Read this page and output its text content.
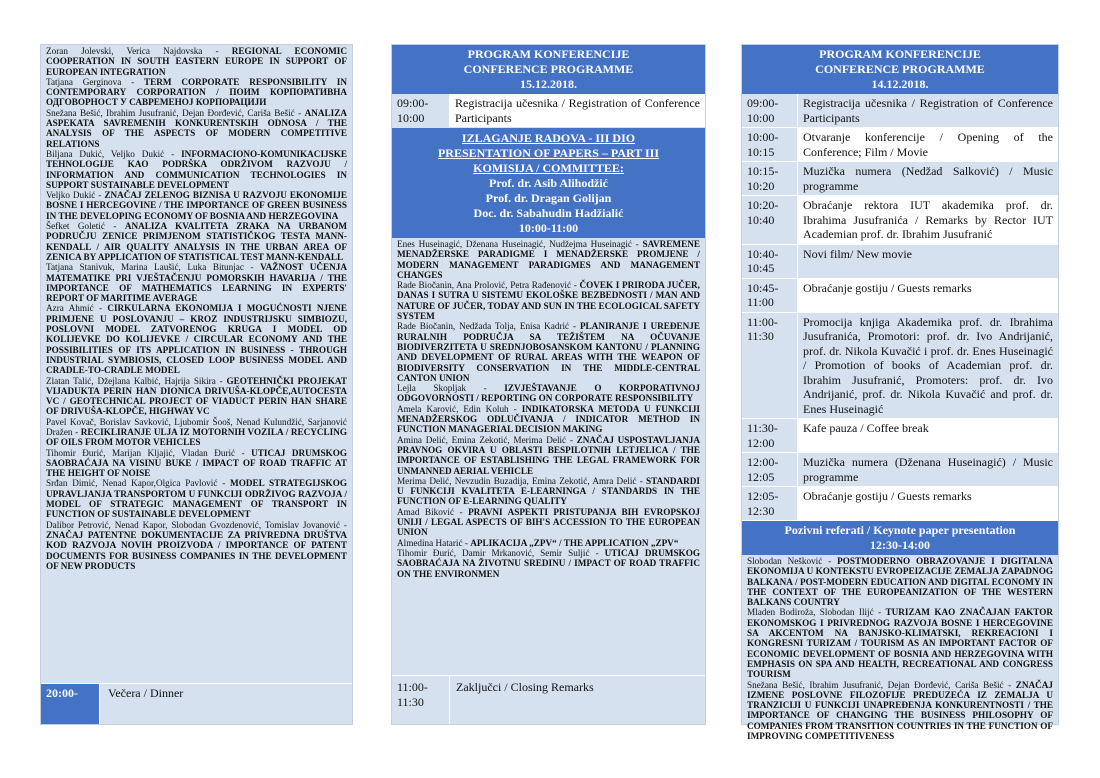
Zoran Jolevski, Verica Najdovska - REGIONAL ECONOMIC COOPERATION IN SOUTH EASTERN EUROPE IN SUPPORT OF EUROPEAN INTEGRATION
Tatjana Gerginova - TERM CORPORATE RESPONSIBILITY IN CONTEMPORARY CORPORATION / ПОИМ КОРПОРАТИВНА ОДГОВОРНОСТ У САВРЕМЕНОЈ КОРПОРАЦИЈИ
Snežana Bešić, Ibrahim Jusufranić, Dejan Đorđević, Cariša Bešić - ANALIZA ASPEKATA SAVREMENIH KONKURENTSKIH ODNOSA / THE ANALYSIS OF THE ASPECTS OF MODERN COMPETITIVE RELATIONS
Biljana Dukić, Veljko Dukić - INFORMACIONO-KOMUNIKACIJSKE TEHNOLOGIJE KAO PODRŠKA ODRŽIVOM RAZVOJU / INFORMATION AND COMMUNICATION TECHNOLOGIES IN SUPPORT SUSTAINABLE DEVELOPMENT
Veljko Dukić - ZNAČAJ ZELENOG BIZNISA U RAZVOJU EKONOMIJE BOSNE I HERCEGOVINE / THE IMPORTANCE OF GREEN BUSINESS IN THE DEVELOPING ECONOMY OF BOSNIA AND HERZEGOVINA
Šefket Goletić - ANALIZA KVALITETA ZRAKA NA URBANOM PODRUČJU ZENICE PRIMJENOM STATISTIČKOG TESTA MANN-KENDALL / AIR QUALITY ANALYSIS IN THE URBAN AREA OF ZENICA BY APPLICATION OF STATISTICAL TEST MANN-KENDALL
Tatjana Stanivuk, Marina Laušić, Luka Bitunjac - VAŽNOST UČENJA MATEMATIKE PRI VJEŠTAČENJU POMORSKIH HAVARIJA / THE IMPORTANCE OF MATHEMATICS LEARNING IN EXPERTS' REPORT OF MARITIME AVERAGE
Azra Ahmić - CIRKULARNA EKONOMIJA I MOGUĆNOSTI NJENE PRIMJENE U POSLOVANJU – KROZ INDUSTRIJSKU SIMBIOZU, POSLOVNI MODEL ZATVORENOG KRUGA I MODEL OD KOLIJEVKE DO KOLIJEVKE / CIRCULAR ECONOMY AND THE POSSIBILITIES OF ITS APPLICATION IN BUSINESS - THROUGH INDUSTRIAL SYMBIOSIS, CLOSED LOOP BUSINESS MODEL AND CRADLE-TO-CRADLE MODEL
Zlatan Talić, Džejlana Kalbić, Hajrija Sikira - GEOTEHNIČKI PROJEKAT VIJADUKTA PERIN HAN DIONICA DRIVUŠA-KLOPČE,AUTOCESTA VC / GEOTECHNICAL PROJECT OF VIADUCT PERIN HAN SHARE OF DRIVUŠA-KLOPČE, HIGHWAY VC
Pavel Kovač, Borislav Savković, Ljubomir Šooš, Nenad Kulundžić, Sarjanović Dražen - RECIKLIRANJE ULJA IZ MOTORNIH VOZILA / RECYCLING OF OILS FROM MOTOR VEHICLES
Tihomir Đurić, Marijan Kljajić, Vladan Đurić - UTICAJ DRUMSKOG SAOBRAĆAJA NA VISINU BUKE / IMPACT OF ROAD TRAFFIC AT THE HEIGHT OF NOISE
Srđan Dimić, Nenad Kapor,Olgica Pavlović - MODEL STRATEGIJSKOG UPRAVLJANJA TRANSPORTOM U FUNKCIJI ODRŽIVOG RAZVOJA / MODEL OF STRATEGIC MANAGEMENT OF TRANSPORT IN FUNCTION OF SUSTAINABLE DEVELOPMENT
Dalibor Petrović, Nenad Kapor, Slobodan Gvozdenović, Tomislav Jovanović - ZNAČAJ PATENTNE DOKUMENTACIJE ZA PRIVREDNA DRUŠTVA KOD RAZVOJA NOVIH PROIZVODA / IMPORTANCE OF PATENT DOCUMENTS FOR BUSINESS COMPANIES IN THE DEVELOPMENT OF NEW PRODUCTS
20:00-	Večera / Dinner
PROGRAM KONFERENCIJE
CONFERENCE PROGRAMME
15.12.2018.
09:00-10:00
Registracija učesnika / Registration of Conference Participants
IZLAGANJE RADOVA - III DIO
PRESENTATION OF PAPERS – PART III
KOMISIJA / COMMITTEE:
Prof. dr. Asib Alihodžić
Prof. dr. Dragan Golijan
Doc. dr. Sabahudin Hadžialić
10:00-11:00
Enes Huseinagić, Dženana Huseinagić, Nudžejma Huseinagić - SAVREMENE MENADŽERSKE PARADIGME I MENADŽERSKE PROMJENE / MODERN MANAGEMENT PARADIGMES AND MANAGEMENT CHANGES
Rade Biočanin, Ana Prolović, Petra Rađenović - ČOVEK I PRIRODA JUČER, DANAS I SUTRA U SISTEMU EKOLOŠKE BEZBEDNOSTI / MAN AND NATURE OF JUČER, TODAY AND SUN IN THE ECOLOGICAL SAFETY SYSTEM
Rade Biočanin, Nedžada Tolja, Enisa Kadrić - PLANIRANJE I UREĐENJE RURALNIH PODRUČJA SA TEŽIŠTEM NA OČUVANJE BIODIVERZITETA U SREDNJOBOSANSKOM KANTONU / PLANNING AND DEVELOPMENT OF RURAL AREAS WITH THE WEAPON OF BIODIVERSITY CONSERVATION IN THE MIDDLE-CENTRAL CANTON UNION
Lejla Skopljak - IZVJEŠTAVANJE O KORPORATIVNOJ ODGOVORNOSTI / REPORTING ON CORPORATE RESPONSIBILITY
Amela Karović, Edin Koluh - INDIKATORSKA METODA U FUNKCIJI MENADŽERSKOG ODLUČIVANJA / INDICATOR METHOD IN FUNCTION MANAGERIAL DECISION MAKING
Amina Delić, Emina Zekotić, Merima Delić - ZNAČAJ USPOSTAVLJANJA PRAVNOG OKVIRA U OBLASTI BESPILOTNIH LETJELICA / THE IMPORTANCE OF ESTABLISHING THE LEGAL FRAMEWORK FOR UNMANNED AERIAL VEHICLE
Merima Delić, Nevzudin Buzadija, Emina Zekotić, Amra Delić - STANDARDI U FUNKCIJI KVALITETA E-LEARNINGA / STANDARDS IN THE FUNCTION OF E-LEARNING QUALITY
Amad Biković - PRAVNI ASPEKTI PRISTUPANJA BIH EVROPSKOJ UNIJI / LEGAL ASPECTS OF BIH'S ACCESSION TO THE EUROPEAN UNION
Almedina Hatarić - APLIKACIJA „ZPV“ / THE APPLICATION „ZPV“
Tihomir Đurić, Damir Mrkanović, Semir Suljić - UTICAJ DRUMSKOG SAOBRAĆAJA NA ŽIVOTNU SREDINU / IMPACT OF ROAD TRAFFIC ON THE ENVIRONMEN
11:00-
11:30
Zaključci / Closing Remarks
PROGRAM KONFERENCIJE
CONFERENCE PROGRAMME
14.12.2018.
09:00-
10:00
Registracija učesnika / Registration of Conference Participants
10:00-
10:15
Otvaranje konferencije / Opening of the Conference; Film / Movie
10:15-
10:20
Muzička numera (Nedžad Salković) / Music programme
10:20-
10:40
Obraćanje rektora IUT akademika prof. dr. Ibrahima Jusufranića / Remarks by Rector IUT Academian prof. dr. Ibrahim Jusufranić
10:40-
10:45
Novi film/ New movie
10:45-
11:00
Obraćanje gostiju / Guests remarks
11:00-
11:30
Promocija knjiga Akademika prof. dr. Ibrahima Jusufranića, Promotori: prof. dr. Ivo Andrijanić, prof. dr. Nikola Kuvačić i prof. dr. Enes Huseinagić / Promotion of books of Academian prof. dr. Ibrahim Jusufranić, Promoters: prof. dr. Ivo Andrijanić, prof. dr. Nikola Kuvačić and prof. dr. Enes Huseinagić
11:30-
12:00
Kafe pauza / Coffee break
12:00-
12:05
Muzička numera (Dženana Huseinagić) / Music programme
12:05-
12:30
Obraćanje gostiju / Guests remarks
Pozivni referati / Keynote paper presentation
12:30-14:00
Slobodan Nešković - POSTMODERNO OBRAZOVANJE I DIGITALNA EKONOMIJA U KONTEKSTU EVROPEIZACIJE ZEMALJA ZAPADNOG BALKANA / POST-MODERN EDUCATION AND DIGITAL ECONOMY IN THE CONTEXT OF THE EUROPEANIZATION OF THE WESTERN BALKANS COUNTRY
Mladen Bodiroža, Slobodan Ilijć - TURIZAM KAO ZNAČAJAN FAKTOR EKONOMSKOG I PRIVREDNOG RAZVOJA BOSNE I HERCEGOVINE SA AKCENTOM NA BANJSKO-KLIMATSKI, REKREACIONI I KONGRESNI TURIZAM / TOURISM AS AN IMPORTANT FACTOR OF ECONOMIC DEVELOPMENT OF BOSNIA AND HERZEGOVINA WITH EMPHASIS ON SPA AND HEALTH, RECREATIONAL AND CONGRESS TOURISM
Snežana Bešić, Ibrahim Jusufranić, Dejan Đorđević, Cariša Bešić - ZNAČAJ IZMENE POSLOVNE FILOZOFIJE PREDUZEĆA IZ ZEMALJA U TRANZICIJI U FUNKCIJI UNAPREĐENJA KONKURENTNOSTI / THE IMPORTANCE OF CHANGING THE BUSINESS PHILOSOPHY OF COMPANIES FROM TRANSITION COUNTRIES IN THE FUNCTION OF IMPROVING COMPETITIVENESS
